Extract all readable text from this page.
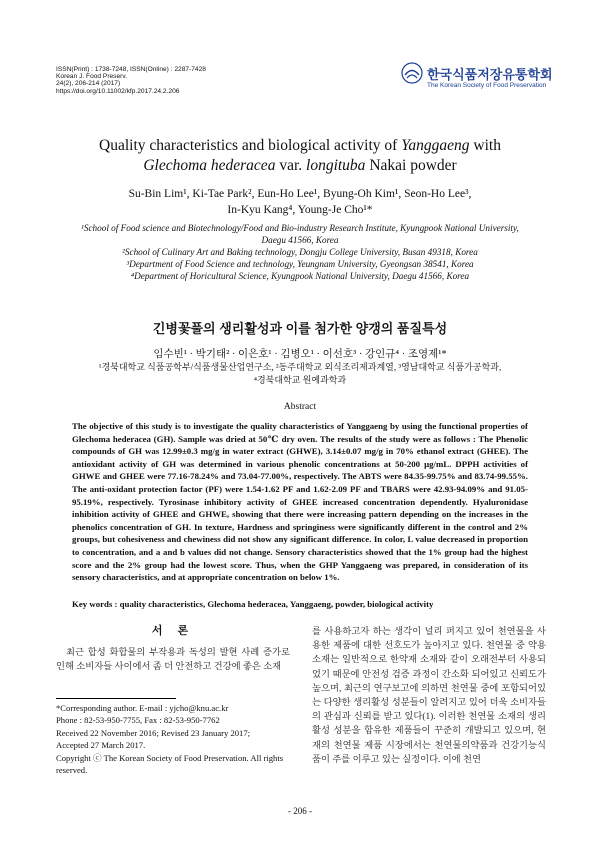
ISSN(Print) : 1738-7248, ISSN(Online) : 2287-7428
Korean J. Food Preserv.
24(2), 206-214 (2017)
https://doi.org/10.11002/kfp.2017.24.2.206
한국식품저장유통학회
The Korean Society of Food Preservation
Quality characteristics and biological activity of Yanggaeng with
Glechoma hederacea var. longituba Nakai powder
Su-Bin Lim¹, Ki-Tae Park², Eun-Ho Lee¹, Byung-Oh Kim¹, Seon-Ho Lee³,
In-Kyu Kang⁴, Young-Je Cho¹*
¹School of Food science and Biotechnology/Food and Bio-industry Research Institute, Kyungpook National University,
Daegu 41566, Korea
²School of Culinary Art and Baking technology, Dongju College University, Busan 49318, Korea
³Department of Food Science and technology, Yeungnam University, Gyeongsan 38541, Korea
⁴Department of Horicultural Science, Kyungpook National University, Daegu 41566, Korea
긴병꽃풀의 생리활성과 이를 첨가한 양갱의 품질특성
임수빈¹ · 박기태² · 이은호¹ · 김병오¹ · 이선호³ · 강인규⁴ · 조영제¹*
¹경북대학교 식품공학부/식품생물산업연구소, ²동주대학교 외식조리제과계열, ³영남대학교 식품가공학과,
⁴경북대학교 원예과학과
Abstract
The objective of this study is to investigate the quality characteristics of Yanggaeng by using the functional properties of Glechoma hederacea (GH). Sample was dried at 50℃ dry oven. The results of the study were as follows : The Phenolic compounds of GH was 12.99±0.3 mg/g in water extract (GHWE), 3.14±0.07 mg/g in 70% ethanol extract (GHEE). The antioxidant activity of GH was determined in various phenolic concentrations at 50-200 μg/mL. DPPH activities of GHWE and GHEE were 77.16-78.24% and 73.04-77.00%, respectively. The ABTS were 84.35-99.75% and 83.74-99.55%. The anti-oxidant protection factor (PF) were 1.54-1.62 PF and 1.62-2.09 PF and TBARS were 42.93-94.09% and 91.05-95.19%, respectively. Tyrosinase inhibitory activity of GHEE increased concentration dependently. Hyaluronidase inhibition activity of GHEE and GHWE, showing that there were increasing pattern depending on the increases in the phenolics concentration of GH. In texture, Hardness and springiness were significantly different in the control and 2% groups, but cohesiveness and chewiness did not show any significant difference. In color, L value decreased in proportion to concentration, and a and b values did not change. Sensory characteristics showed that the 1% group had the highest score and the 2% group had the lowest score. Thus, when the GHP Yanggaeng was prepared, in consideration of its sensory characteristics, and at appropriate concentration on below 1%.
Key words : quality characteristics, Glechoma hederacea, Yanggaeng, powder, biological activity
서 론

최근 합성 화합물의 부작용과 독성의 발현 사례 증가로 인해 소비자들 사이에서 좀 더 안전하고 건강에 좋은 소재

*Corresponding author. E-mail : yjcho@knu.ac.kr
Phone : 82-53-950-7755, Fax : 82-53-950-7762
Received 22 November 2016; Revised 23 January 2017;
Accepted 27 March 2017.
Copyright ⓒ The Korean Society of Food Preservation. All rights reserved.
를 사용하고자 하는 생각이 널리 퍼지고 있어 천연물을 사용한 제품에 대한 선호도가 높아지고 있다. 천연물 중 약용소재는 일반적으로 한약재 소재와 같이 오래전부터 사용되었기 때문에 안전성 검증 과정이 간소화 되어있고 신뢰도가 높으며, 최근의 연구보고에 의하면 천연물 중에 포함되어있는 다양한 생리활성 성분들이 알려지고 있어 더욱 소비자들의 관심과 신뢰를 받고 있다(1). 이러한 천연물 소재의 생리활성 성분을 함유한 제품들이 꾸준히 개발되고 있으며, 현재의 천연물 제품 시장에서는 천연물의약품과 건강기능식품이 주를 이루고 있는 실정이다. 이에 천연
- 206 -
